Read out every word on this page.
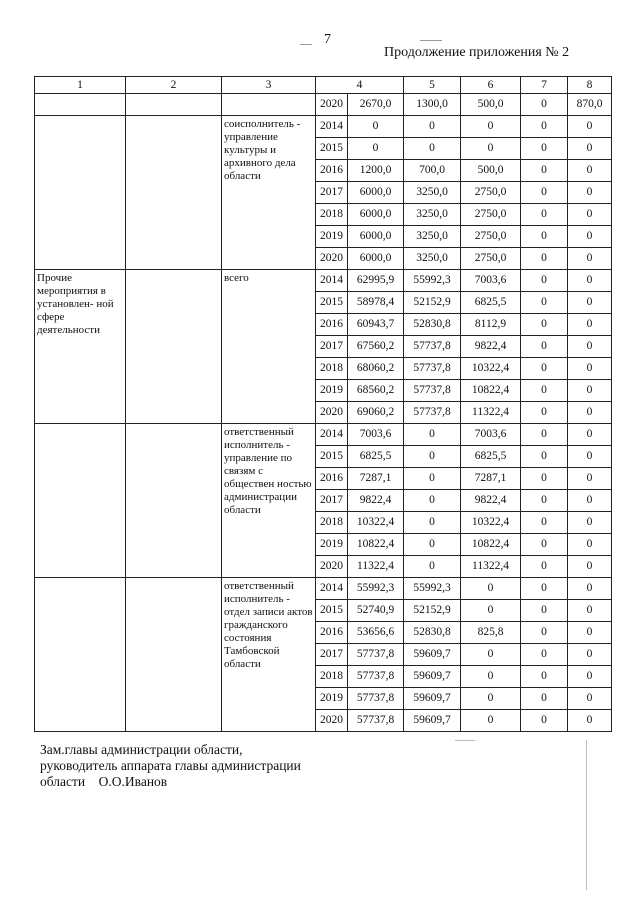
7
Продолжение приложения № 2
1	2	3	4		5	6	7	8
			2020	2670,0	1300,0	500,0	0	870,0
		соисполнитель - управление культуры и архивного дела области	2014	0	0	0	0	0
			2015	0	0	0	0	0
			2016	1200,0	700,0	500,0	0	0
			2017	6000,0	3250,0	2750,0	0	0
			2018	6000,0	3250,0	2750,0	0	0
			2019	6000,0	3250,0	2750,0	0	0
			2020	6000,0	3250,0	2750,0	0	0
Прочие мероприятия в установлен- ной сфере деятельности		всего	2014	62995,9	55992,3	7003,6	0	0
			2015	58978,4	52152,9	6825,5	0	0
			2016	60943,7	52830,8	8112,9	0	0
			2017	67560,2	57737,8	9822,4	0	0
			2018	68060,2	57737,8	10322,4	0	0
			2019	68560,2	57737,8	10822,4	0	0
			2020	69060,2	57737,8	11322,4	0	0
		ответственный исполнитель - управление по связям с обществен ностью администрации области	2014	7003,6	0	7003,6	0	0
			2015	6825,5	0	6825,5	0	0
			2016	7287,1	0	7287,1	0	0
			2017	9822,4	0	9822,4	0	0
			2018	10322,4	0	10322,4	0	0
			2019	10822,4	0	10822,4	0	0
			2020	11322,4	0	11322,4	0	0
		ответственный исполнитель - отдел записи актов гражданского состояния Тамбовской области	2014	55992,3	55992,3	0	0	0
			2015	52740,9	52152,9	0	0	0
			2016	53656,6	52830,8	825,8	0	0
			2017	57737,8	59609,7	0	0	0
			2018	57737,8	59609,7	0	0	0
			2019	57737,8	59609,7	0	0	0
			2020	57737,8	59609,7	0	0	0
Зам.главы администрации области,
руководитель аппарата главы администрации
области    О.О.Иванов
